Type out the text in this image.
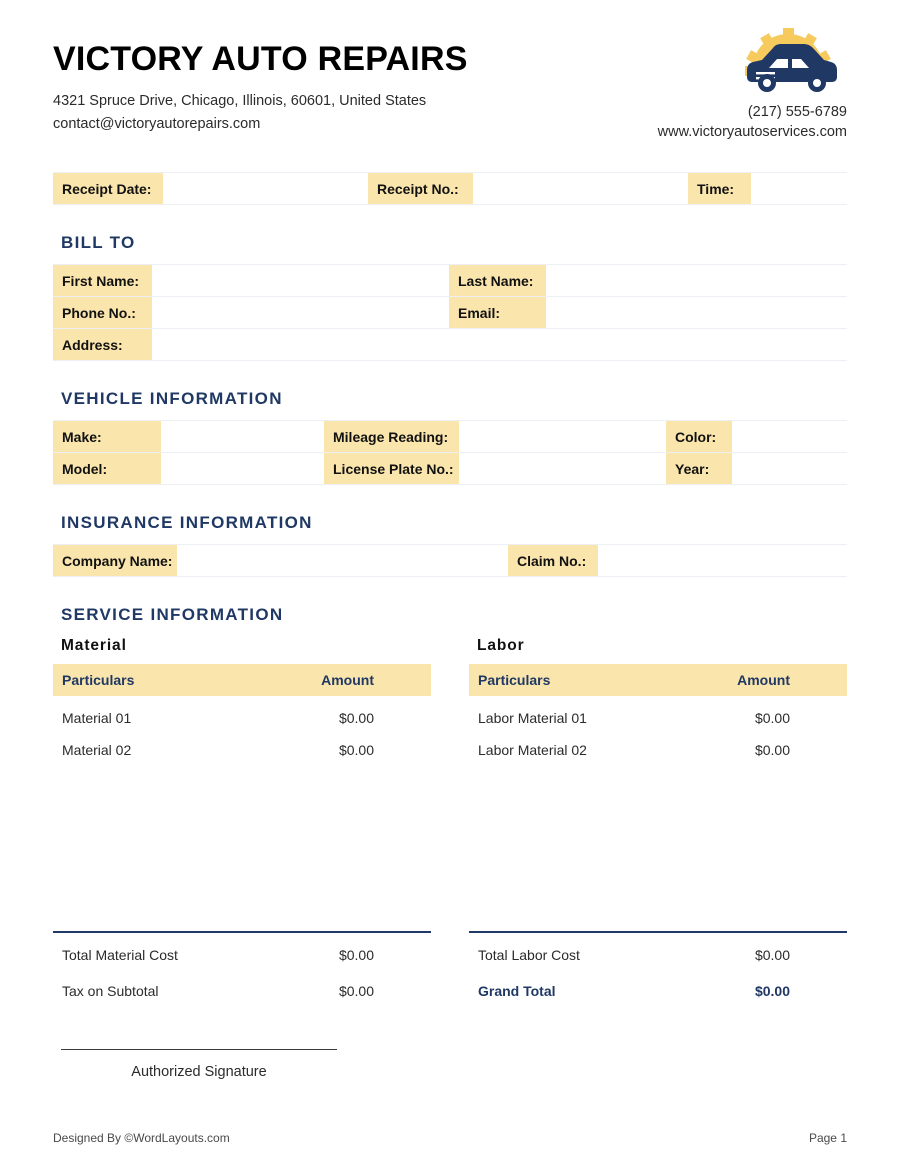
VICTORY AUTO REPAIRS
4321 Spruce Drive, Chicago, Illinois, 60601, United States
contact@victoryautorepairs.com
(217) 555-6789
www.victoryautoservices.com
Receipt Date:		Receipt No.:		Time:	
BILL TO
First Name:		Last Name:	
Phone No.:		Email:	
Address:			
VEHICLE INFORMATION
Make:		Mileage Reading:		Color:	
Model:		License Plate No.:		Year:	
INSURANCE INFORMATION
Company Name:		Claim No.:	
SERVICE INFORMATION
Material
Particulars	Amount
Material 01	$0.00
Material 02	$0.00
Total Material Cost	$0.00
Tax on Subtotal	$0.00
Labor
Particulars	Amount
Labor Material 01	$0.00
Labor Material 02	$0.00
Total Labor Cost	$0.00
Grand Total	$0.00
Authorized Signature
Designed By ©WordLayouts.com	Page 1
